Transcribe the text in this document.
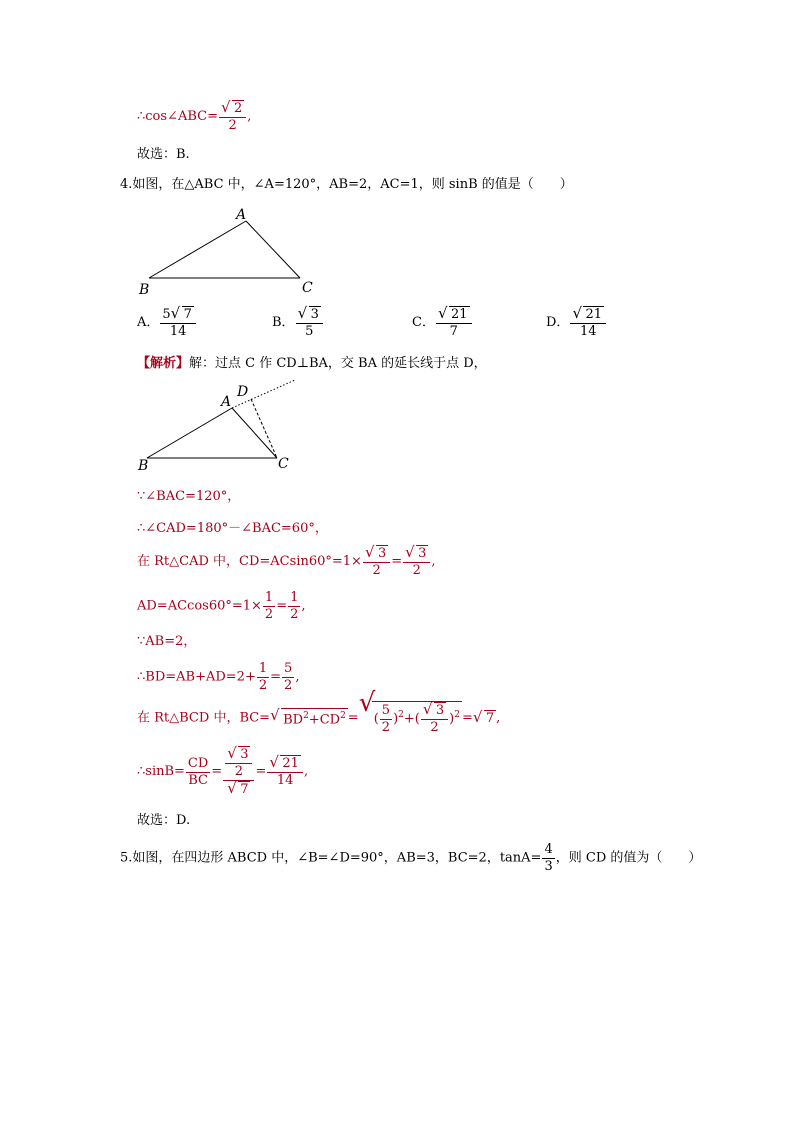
∴cos∠ABC= $\frac{√ 2}{2}$ ,
故选：B.
4.如图，在△ABC 中，∠A=120°，AB=2，AC=1，则 sinB 的值是（　　）
A
B	C
A． $\frac{5 √ 7}{14}$	B． $\frac{√ 3}{5}$	C． $\frac{√ 21}{7}$	D． $\frac{√ 21}{14}$
【解析】解：过点 C 作 CD⊥BA，交 BA 的延长线于点 D，
A
B	C
D
∵∠BAC=120°，
∴∠CAD=180°－∠BAC=60°，
在 Rt△CAD 中，$CD=ACsin60^\circ=1\times \frac{√ 3}{2} = \frac{√ 3}{2}$ ,
$AD=ACcos60^\circ=1\times \frac{1}{2} = \frac{1}{2}$ ,
∵AB=2，
∴BD=AB+AD=2+ $\frac{1}{2} = \frac{5}{2}$ ,
在 Rt△BCD 中，BC= √ $BD^2+CD^2$ = √
( $\frac{5}{2} )^2+( \frac{√ 3}{2} )^2$ = √ 7 ,
∴sinB= $\frac{CD}{BC} = \frac{\frac{√ 3}{2}}{√ 7} = \frac{√ 21}{14}$ ,
故选：D.
5.如图，在四边形 ABCD 中，∠B=∠D=90°，AB=3，BC=2，$\tan A= \frac{4}{3}$ ，则 CD 的值为（　　）
